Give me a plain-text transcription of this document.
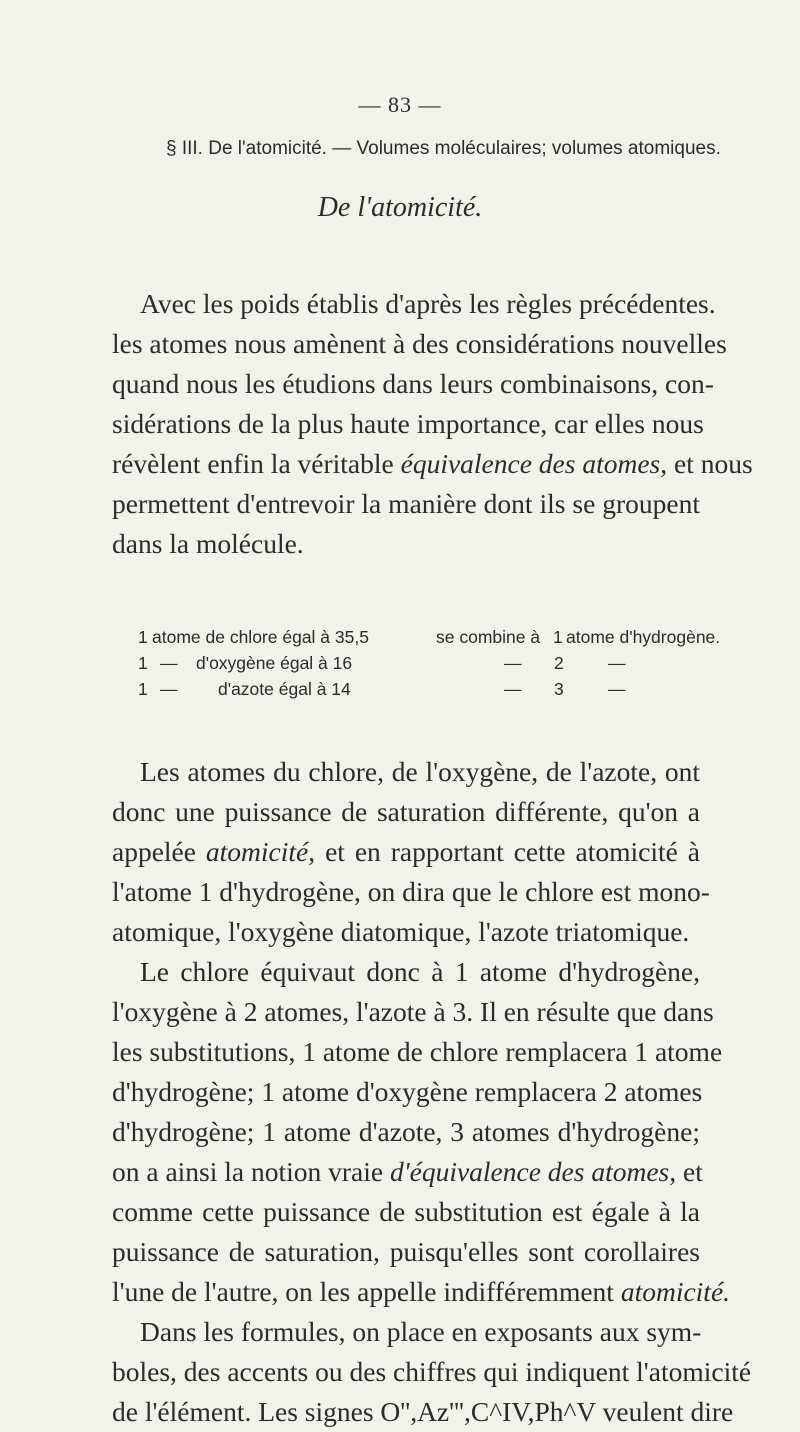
— 83 —
§ III. De l'atomicité. — Volumes moléculaires; volumes atomiques.
De l'atomicité.

Avec les poids établis d'après les règles précédentes.
les atomes nous amènent à des considérations nouvelles
quand nous les étudions dans leurs combinaisons, con-
sidérations de la plus haute importance, car elles nous
révèlent enfin la véritable équivalence des atomes, et nous
permettent d'entrevoir la manière dont ils se groupent
dans la molécule.

1 atome de chlore égal à 35,5	se combine à 1 atome d'hydrogène.
1 — d'oxygène égal à 16	— 2	—
1 — d'azote égal à 14	— 3	—

Les atomes du chlore, de l'oxygène, de l'azote, ont
donc une puissance de saturation différente, qu'on a
appelée atomicité, et en rapportant cette atomicité à
l'atome 1 d'hydrogène, on dira que le chlore est mono-
atomique, l'oxygène diatomique, l'azote triatomique.
Le chlore équivaut donc à 1 atome d'hydrogène,
l'oxygène à 2 atomes, l'azote à 3. Il en résulte que dans
les substitutions, 1 atome de chlore remplacera 1 atome
d'hydrogène; 1 atome d'oxygène remplacera 2 atomes
d'hydrogène; 1 atome d'azote, 3 atomes d'hydrogène;
on a ainsi la notion vraie d'équivalence des atomes, et
comme cette puissance de substitution est égale à la
puissance de saturation, puisqu'elles sont corollaires
l'une de l'autre, on les appelle indifféremment atomicité.
Dans les formules, on place en exposants aux sym-
boles, des accents ou des chiffres qui indiquent l'atomicité
de l'élément. Les signes O'',Az''',C^IV,Ph^V veulent dire
